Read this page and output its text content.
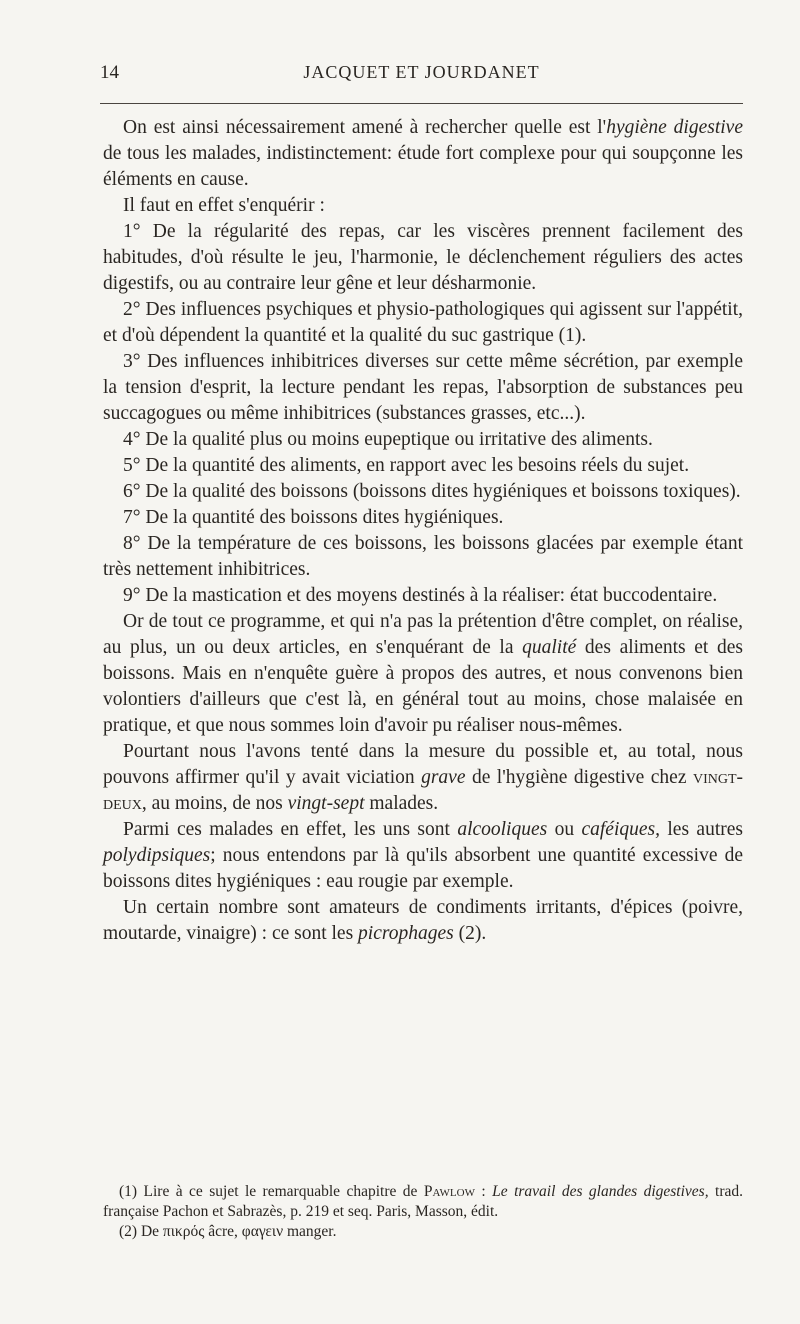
14	JACQUET ET JOURDANET

On est ainsi nécessairement amené à rechercher quelle est l'hygiène digestive de tous les malades, indistinctement: étude fort complexe pour qui soupçonne les éléments en cause.

Il faut en effet s'enquérir :

1° De la régularité des repas, car les viscères prennent facilement des habitudes, d'où résulte le jeu, l'harmonie, le déclenchement réguliers des actes digestifs, ou au contraire leur gêne et leur désharmonie.

2° Des influences psychiques et physio-pathologiques qui agissent sur l'appétit, et d'où dépendent la quantité et la qualité du suc gastrique (1).

3° Des influences inhibitrices diverses sur cette même sécrétion, par exemple la tension d'esprit, la lecture pendant les repas, l'absorption de substances peu succagogues ou même inhibitrices (substances grasses, etc...).

4° De la qualité plus ou moins eupeptique ou irritative des aliments.

5° De la quantité des aliments, en rapport avec les besoins réels du sujet.

6° De la qualité des boissons (boissons dites hygiéniques et boissons toxiques).

7° De la quantité des boissons dites hygiéniques.

8° De la température de ces boissons, les boissons glacées par exemple étant très nettement inhibitrices.

9° De la mastication et des moyens destinés à la réaliser: état buccodentaire.

Or de tout ce programme, et qui n'a pas la prétention d'être complet, on réalise, au plus, un ou deux articles, en s'enquérant de la qualité des aliments et des boissons. Mais en n'enquête guère à propos des autres, et nous convenons bien volontiers d'ailleurs que c'est là, en général tout au moins, chose malaisée en pratique, et que nous sommes loin d'avoir pu réaliser nous-mêmes.

Pourtant nous l'avons tenté dans la mesure du possible et, au total, nous pouvons affirmer qu'il y avait viciation grave de l'hygiène digestive chez vingt-deux, au moins, de nos vingt-sept malades.

Parmi ces malades en effet, les uns sont alcooliques ou caféiques, les autres polydipsiques; nous entendons par là qu'ils absorbent une quantité excessive de boissons dites hygiéniques : eau rougie par exemple.

Un certain nombre sont amateurs de condiments irritants, d'épices (poivre, moutarde, vinaigre) : ce sont les picrophages (2).

(1) Lire à ce sujet le remarquable chapitre de Pawlow : Le travail des glandes digestives, trad. française Pachon et Sabrazès, p. 219 et seq. Paris, Masson, édit.

(2) De πικρός âcre, φαγειν manger.
